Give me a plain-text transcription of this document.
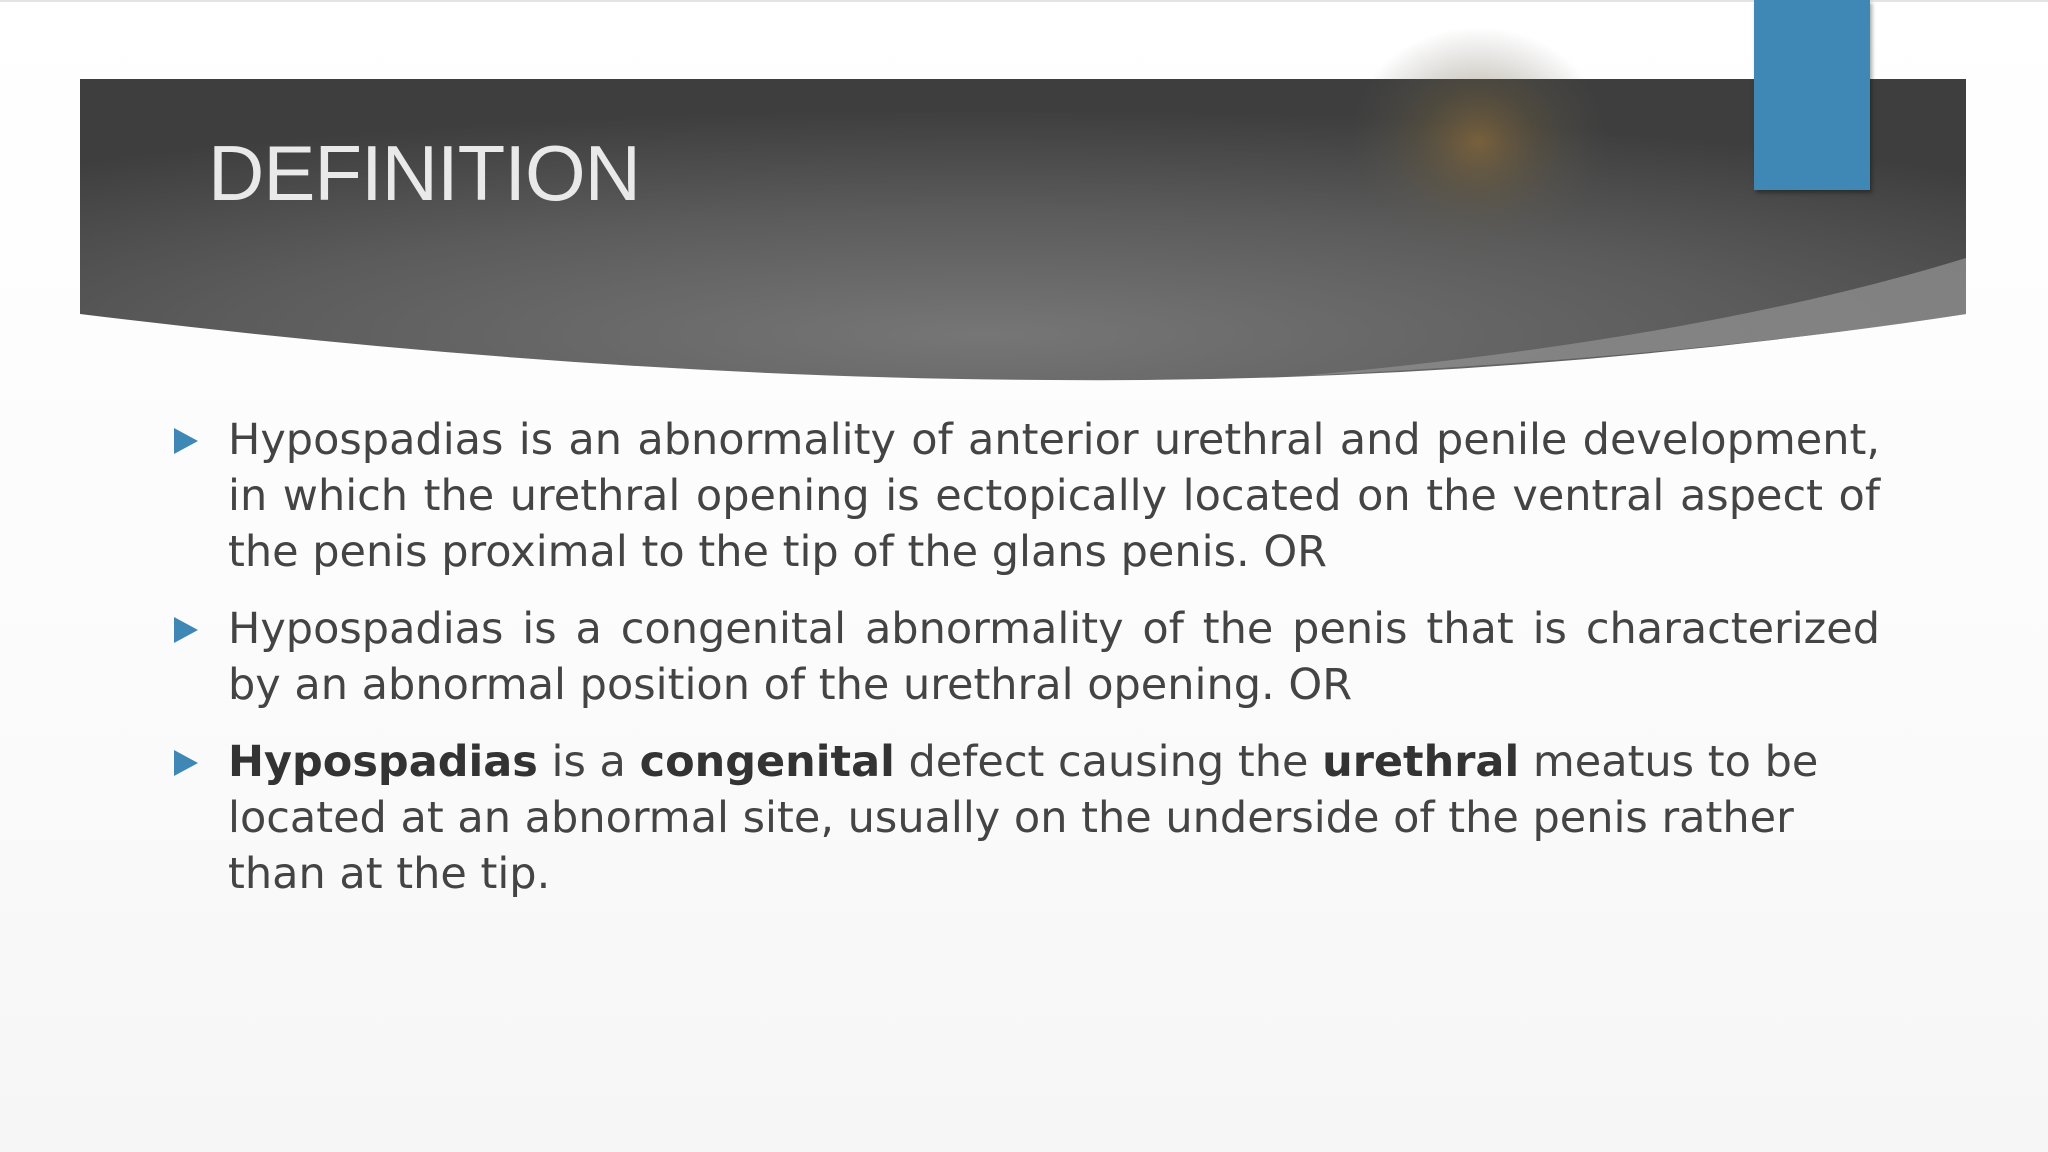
DEFINITION
Hypospadias is an abnormality of anterior urethral and penile development, in which the urethral opening is ectopically located on the ventral aspect of the penis proximal to the tip of the glans penis. OR
Hypospadias is a congenital abnormality of the penis that is characterized by an abnormal position of the urethral opening. OR
Hypospadias is a congenital defect causing the urethral meatus to be located at an abnormal site, usually on the underside of the penis rather than at the tip.
